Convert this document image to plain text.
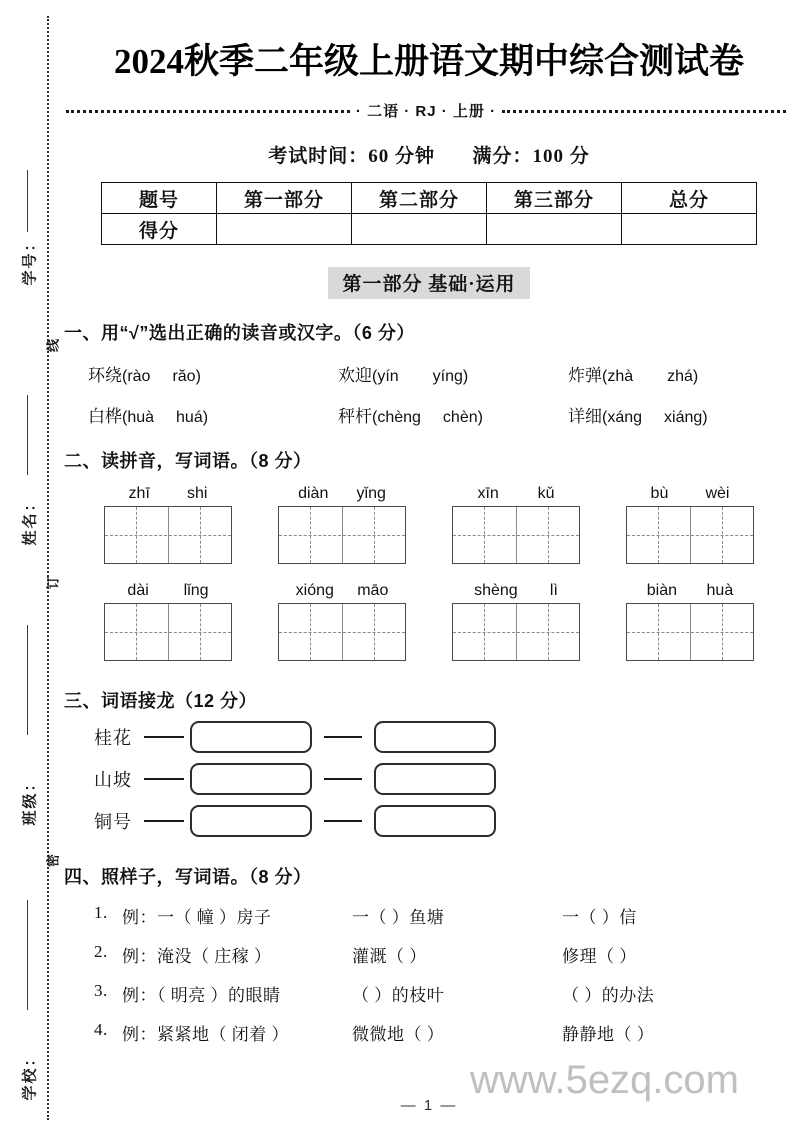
学号：
线
姓名：
订
班级：
密
学校：
2024秋季二年级上册语文期中综合测试卷
· 二语 · RJ · 上册 ·
考试时间：60 分钟 满分：100 分
题号	第一部分	第二部分	第三部分	总分
得分				
第一部分 基础·运用
一、用“√”选出正确的读音或汉字。（6 分）
环绕(rào răo)	欢迎(yín yíng)	炸弹(zhà zhá)
白桦(huà huá)	秤杆(chèng chèn)	详细(xáng xiáng)
二、读拼音，写词语。（8 分）
zhī shi	diàn yǐng	xīn kǔ	bù wèi
dài lǐng	xióng māo	shèng lì	biàn huà
三、词语接龙（12 分）
桂花
山坡
铜号
四、照样子，写词语。（8 分）
1. 例：一（ 幢 ）房子	一（ ）鱼塘	一（ ）信
2. 例：淹没（ 庄稼 ）	灌溉（ ）	修理（ ）
3. 例：（ 明亮 ）的眼睛	（ ）的枝叶	（ ）的办法
4. 例：紧紧地（ 闭着 ）	微微地（ ）	静静地（ ）
— 1 —
www.5ezq.com
